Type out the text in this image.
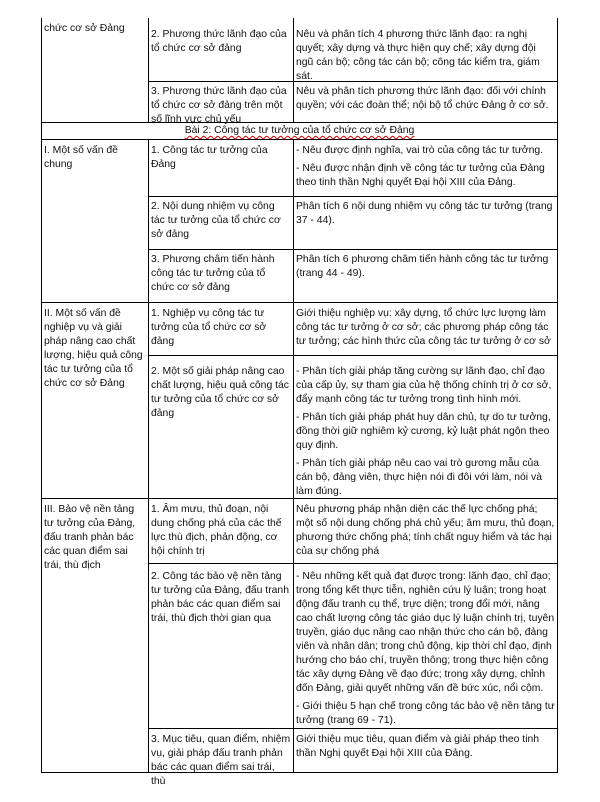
chức cơ sở Đảng
2. Phương thức lãnh đạo của tổ chức cơ sở đảng

Nêu và phân tích 4 phương thức lãnh đạo: ra nghị quyết; xây dựng và thực hiện quy chế; xây dựng đội ngũ cán bộ; công tác cán bộ; công tác kiểm tra, giám sát.

3. Phương thức lãnh đạo của tổ chức cơ sở đảng trên một số lĩnh vực chủ yếu

Nêu và phân tích phương thức lãnh đạo: đối với chính quyền; với các đoàn thể; nội bộ tổ chức Đảng ở cơ sở.

Bài 2: Công tác tư tưởng của tổ chức cơ sở Đảng
I. Một số vấn đề chung
1. Công tác tư tưởng của Đảng

- Nêu được định nghĩa, vai trò của công tác tư tưởng.

- Nêu được nhận định về công tác tư tưởng của Đảng theo tinh thần Nghị quyết Đại hội XIII của Đảng.

2. Nội dung nhiệm vụ công tác tư tưởng của tổ chức cơ sở đảng

Phân tích 6 nội dung nhiệm vụ công tác tư tưởng (trang 37 - 44).

3. Phương châm tiến hành công tác tư tưởng của tổ chức cơ sở đảng

Phân tích 6 phương châm tiến hành công tác tư tưởng (trang 44 - 49).

II. Một số vấn đề nghiệp vụ và giải pháp nâng cao chất lượng, hiệu quả công tác tư tưởng của tổ chức cơ sở Đảng
1. Nghiệp vụ công tác tư tưởng của tổ chức cơ sở đảng

Giới thiệu nghiệp vụ: xây dựng, tổ chức lực lượng làm công tác tư tưởng ở cơ sở; các phương pháp công tác tư tưởng; các hình thức của công tác tư tưởng ở cơ sở

2. Một số giải pháp nâng cao chất lượng, hiệu quả công tác tư tưởng của tổ chức cơ sở đảng

- Phân tích giải pháp tăng cường sự lãnh đạo, chỉ đạo của cấp ủy, sự tham gia của hệ thống chính trị ở cơ sở, đẩy mạnh công tác tư tưởng trong tình hình mới.

- Phân tích giải pháp phát huy dân chủ, tự do tư tưởng, đồng thời giữ nghiêm kỷ cương, kỷ luật phát ngôn theo quy định.

- Phân tích giải pháp nêu cao vai trò gương mẫu của cán bộ, đảng viên, thực hiện nói đi đôi với làm, nói và làm đúng.

III. Bảo vệ nền tảng tư tưởng của Đảng, đấu tranh phản bác các quan điểm sai trái, thù địch
1. Âm mưu, thủ đoạn, nội dung chống phá của các thế lực thù địch, phản động, cơ hội chính trị

Nêu phương pháp nhận diện các thế lực chống phá; một số nội dung chống phá chủ yếu; âm mưu, thủ đoạn, phương thức chống phá; tính chất nguy hiểm và tác hại của sự chống phá

2. Công tác bảo vệ nền tảng tư tưởng của Đảng, đấu tranh phản bác các quan điểm sai trái, thù địch thời gian qua

- Nêu những kết quả đạt được trong: lãnh đạo, chỉ đạo; trong tổng kết thực tiễn, nghiên cứu lý luận; trong hoạt động đấu tranh cụ thể, trực diện; trong đổi mới, nâng cao chất lượng công tác giáo dục lý luận chính trị, tuyên truyền, giáo dục nâng cao nhận thức cho cán bộ, đảng viên và nhân dân; trong chủ động, kịp thời chỉ đạo, định hướng cho báo chí, truyền thông; trong thực hiện công tác xây dựng Đảng về đạo đức; trong xây dựng, chỉnh đốn Đảng, giải quyết những vấn đề bức xúc, nổi cộm.

- Giới thiệu 5 hạn chế trong công tác bảo vệ nền tảng tư tưởng (trang 69 - 71).

3. Mục tiêu, quan điểm, nhiệm vụ, giải pháp đấu tranh phản bác các quan điểm sai trái, thù

Giới thiệu mục tiêu, quan điểm và giải pháp theo tinh thần Nghị quyết Đại hội XIII của Đảng.
